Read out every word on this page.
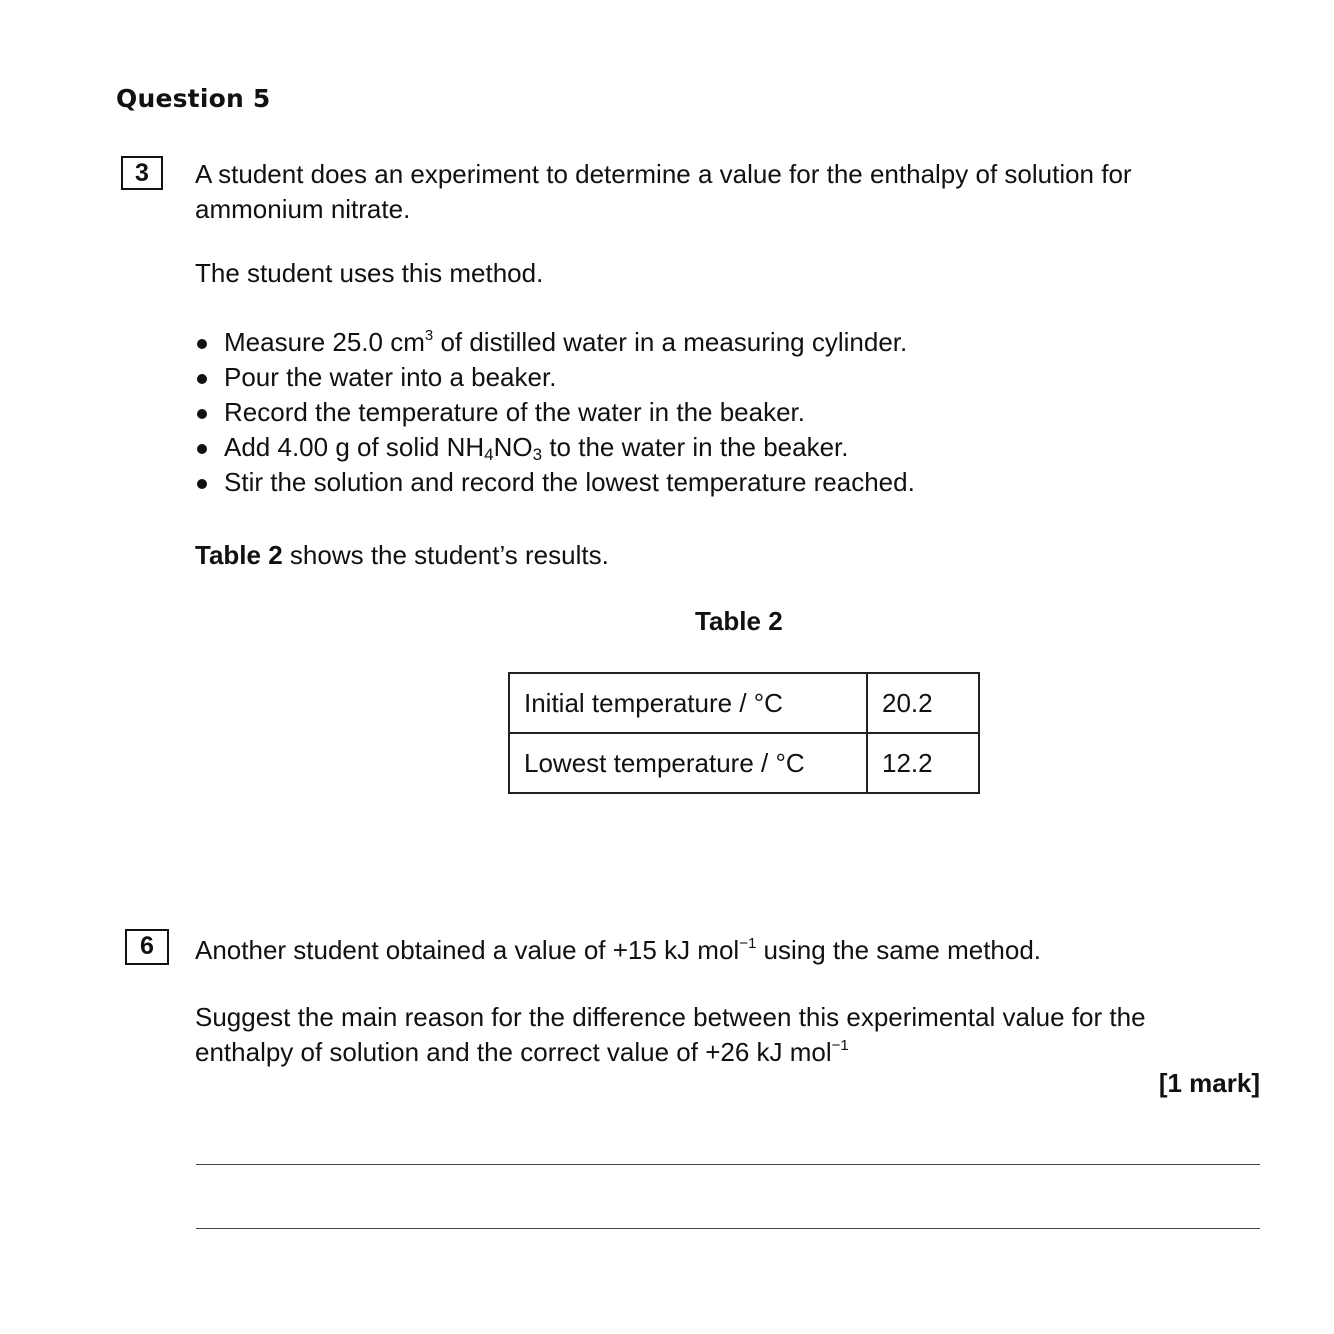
Question 5
3	A student does an experiment to determine a value for the enthalpy of solution for
ammonium nitrate.
The student uses this method.
Measure 25.0 $cm^3$ of distilled water in a measuring cylinder.
Pour the water into a beaker.
Record the temperature of the water in the beaker.
Add 4.00 g of solid $NH_4NO_3$ to the water in the beaker.
Stir the solution and record the lowest temperature reached.
Table 2 shows the student’s results.
Table 2
Initial temperature / °C	20.2
Lowest temperature / °C	12.2
6	Another student obtained a value of +15 kJ mol$^{-1}$ using the same method.
Suggest the main reason for the difference between this experimental value for the
enthalpy of solution and the correct value of +26 kJ mol$^{-1}$
[1 mark]
